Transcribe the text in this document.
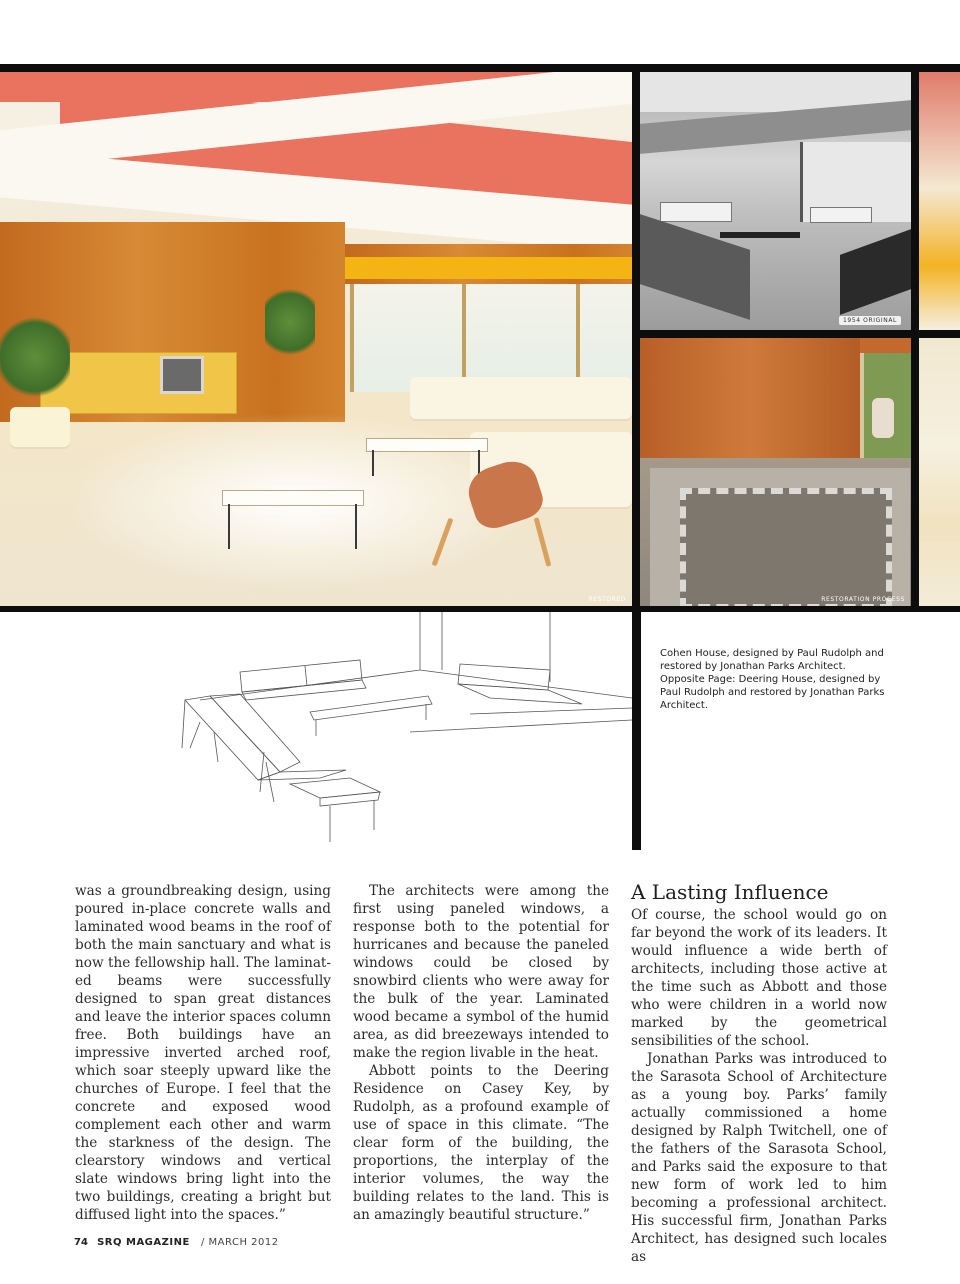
RESTORED
1954 ORIGINAL
RESTORATION PROCESS
Cohen House, designed by Paul Rudolph and restored by Jonathan Parks Architect. Opposite Page: Deering House, designed by Paul Rudolph and restored by Jonathan Parks Architect.

was a groundbreaking design, using poured in-place concrete walls and laminated wood beams in the roof of both the main sanctuary and what is now the fellowship hall. The laminated beams were successfully designed to span great distances and leave the interior spaces column free. Both buildings have an impressive inverted arched roof, which soar steeply upward like the churches of Europe. I feel that the concrete and exposed wood complement each other and warm the starkness of the design. The clearstory windows and vertical slate windows bring light into the two buildings, creating a bright but diffused light into the spaces.”

The architects were among the first using paneled windows, a response both to the potential for hurricanes and because the paneled windows could be closed by snowbird clients who were away for the bulk of the year. Laminated wood became a symbol of the humid area, as did breezeways intended to make the region livable in the heat.

Abbott points to the Deering Residence on Casey Key, by Rudolph, as a profound example of use of space in this climate. “The clear form of the building, the proportions, the interplay of the interior volumes, the way the building relates to the land. This is an amazingly beautiful structure.”

A Lasting Influence

Of course, the school would go on far beyond the work of its leaders. It would influence a wide berth of architects, including those active at the time such as Abbott and those who were children in a world now marked by the geometrical sensibilities of the school.

Jonathan Parks was introduced to the Sarasota School of Architecture as a young boy. Parks’ family actually commissioned a home designed by Ralph Twitchell, one of the fathers of the Sarasota School, and Parks said the exposure to that new form of work led to him becoming a professional architect. His successful firm, Jonathan Parks Architect, has designed such locales as

74 SRQ MAGAZINE / MARCH 2012
